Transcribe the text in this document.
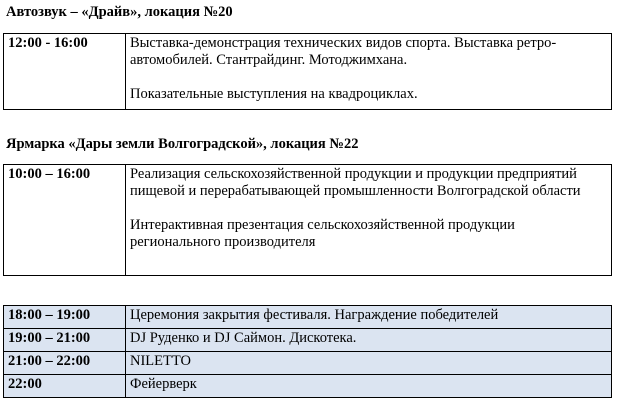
Автозвук – «Драйв», локация №20
12:00 - 16:00	Выставка-демонстрация технических видов спорта. Выставка ретро-автомобилей. Стантрайдинг. Мотоджимхана.
Показательные выступления на квадроциклах.
Ярмарка «Дары земли Волгоградской», локация №22
10:00 – 16:00	Реализация сельскохозяйственной продукции и продукции предприятий пищевой и перерабатывающей промышленности Волгоградской области
Интерактивная презентация сельскохозяйственной продукции регионального производителя
18:00 – 19:00	Церемония закрытия фестиваля. Награждение победителей
19:00 – 21:00	DJ Руденко и DJ Саймон. Дискотека.
21:00 – 22:00	NILETTO
22:00	Фейерверк
